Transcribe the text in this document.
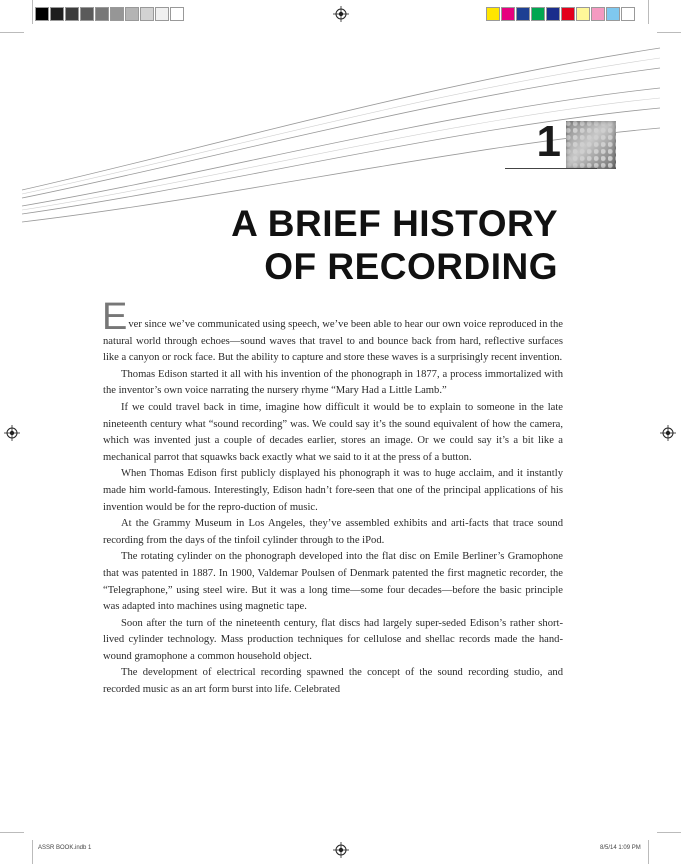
1
A BRIEF HISTORY
OF RECORDING

Ever since we’ve communicated using speech, we’ve been able to hear our own voice reproduced in the natural world through echoes—sound waves that travel to and bounce back from hard, reflective surfaces like a canyon or rock face. But the ability to capture and store these waves is a surprisingly recent invention.

Thomas Edison started it all with his invention of the phonograph in 1877, a process immortalized with the inventor’s own voice narrating the nursery rhyme “Mary Had a Little Lamb.”

If we could travel back in time, imagine how difficult it would be to explain to someone in the late nineteenth century what “sound recording” was. We could say it’s the sound equivalent of how the camera, which was invented just a couple of decades earlier, stores an image. Or we could say it’s a bit like a mechanical parrot that squawks back exactly what we said to it at the press of a button.

When Thomas Edison first publicly displayed his phonograph it was to huge acclaim, and it instantly made him world-famous. Interestingly, Edison hadn’t fore-seen that one of the principal applications of his invention would be for the repro-duction of music.

At the Grammy Museum in Los Angeles, they’ve assembled exhibits and arti-facts that trace sound recording from the days of the tinfoil cylinder through to the iPod.

The rotating cylinder on the phonograph developed into the flat disc on Emile Berliner’s Gramophone that was patented in 1887. In 1900, Valdemar Poulsen of Denmark patented the first magnetic recorder, the “Telegraphone,” using steel wire. But it was a long time—some four decades—before the basic principle was adapted into machines using magnetic tape.

Soon after the turn of the nineteenth century, flat discs had largely super-seded Edison’s rather short-lived cylinder technology. Mass production techniques for cellulose and shellac records made the hand-wound gramophone a common household object.

The development of electrical recording spawned the concept of the sound recording studio, and recorded music as an art form burst into life. Celebrated

ASSR BOOK.indb 1	8/5/14 1:09 PM
